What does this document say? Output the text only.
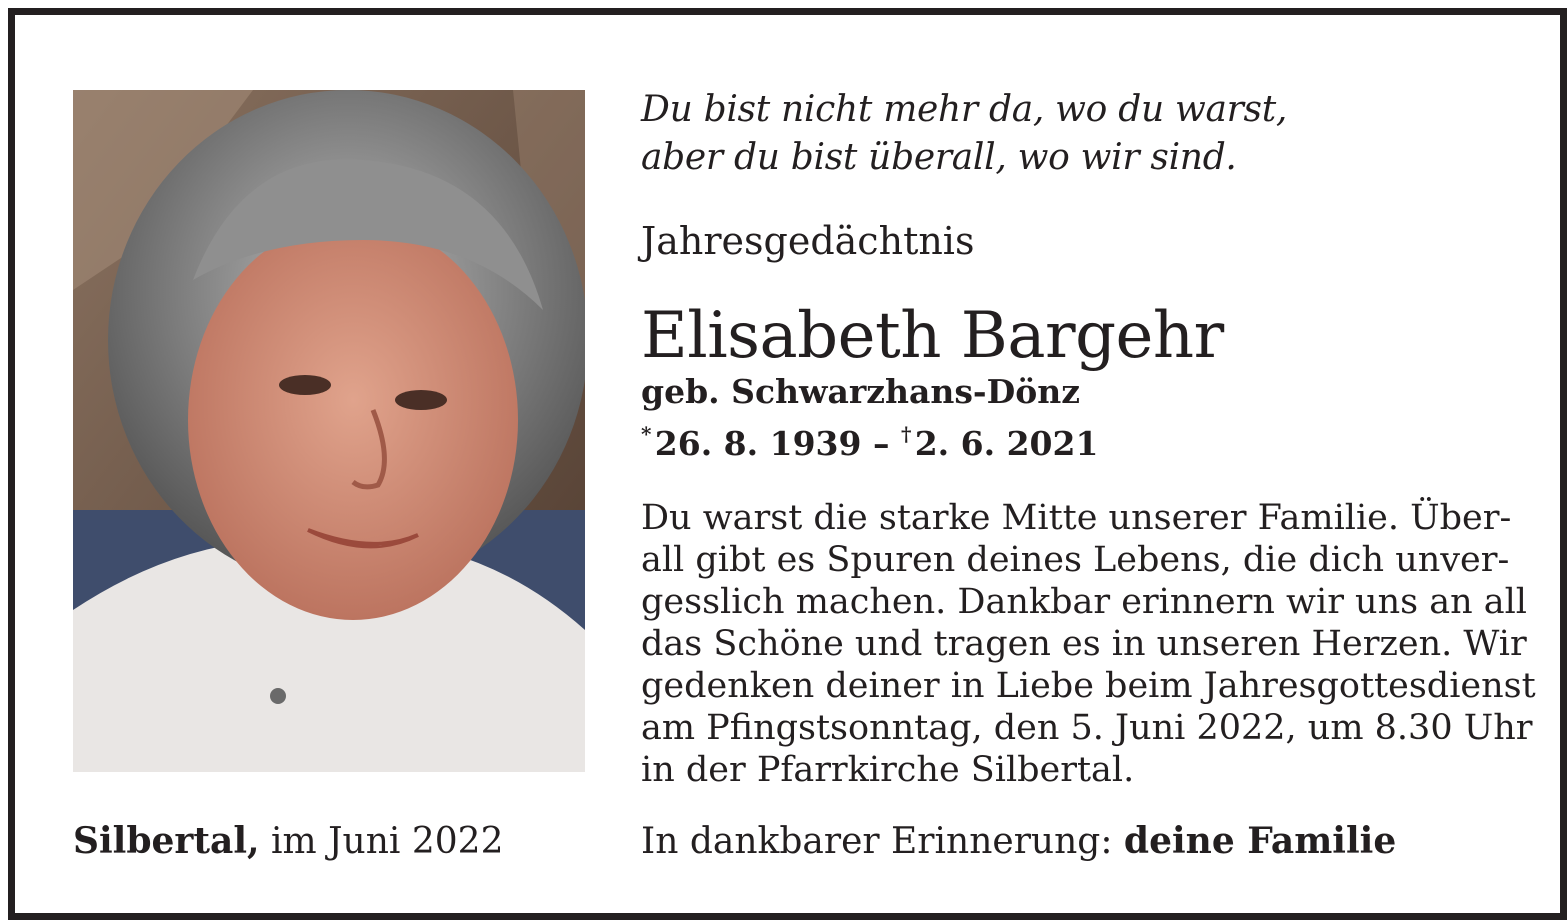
Silbertal, im Juni 2022
Du bist nicht mehr da, wo du warst,
aber du bist überall, wo wir sind.
Jahresgedächtnis
Elisabeth Bargehr
geb. Schwarzhans-Dönz
* 26. 8. 1939 – † 2. 6. 2021
Du warst die starke Mitte unserer Familie. Über-
all gibt es Spuren deines Lebens, die dich unver-
gesslich machen. Dankbar erinnern wir uns an all
das Schöne und tragen es in unseren Herzen. Wir
gedenken deiner in Liebe beim Jahresgottesdienst
am Pfingstsonntag, den 5. Juni 2022, um 8.30 Uhr
in der Pfarrkirche Silbertal.
In dankbarer Erinnerung: deine Familie
